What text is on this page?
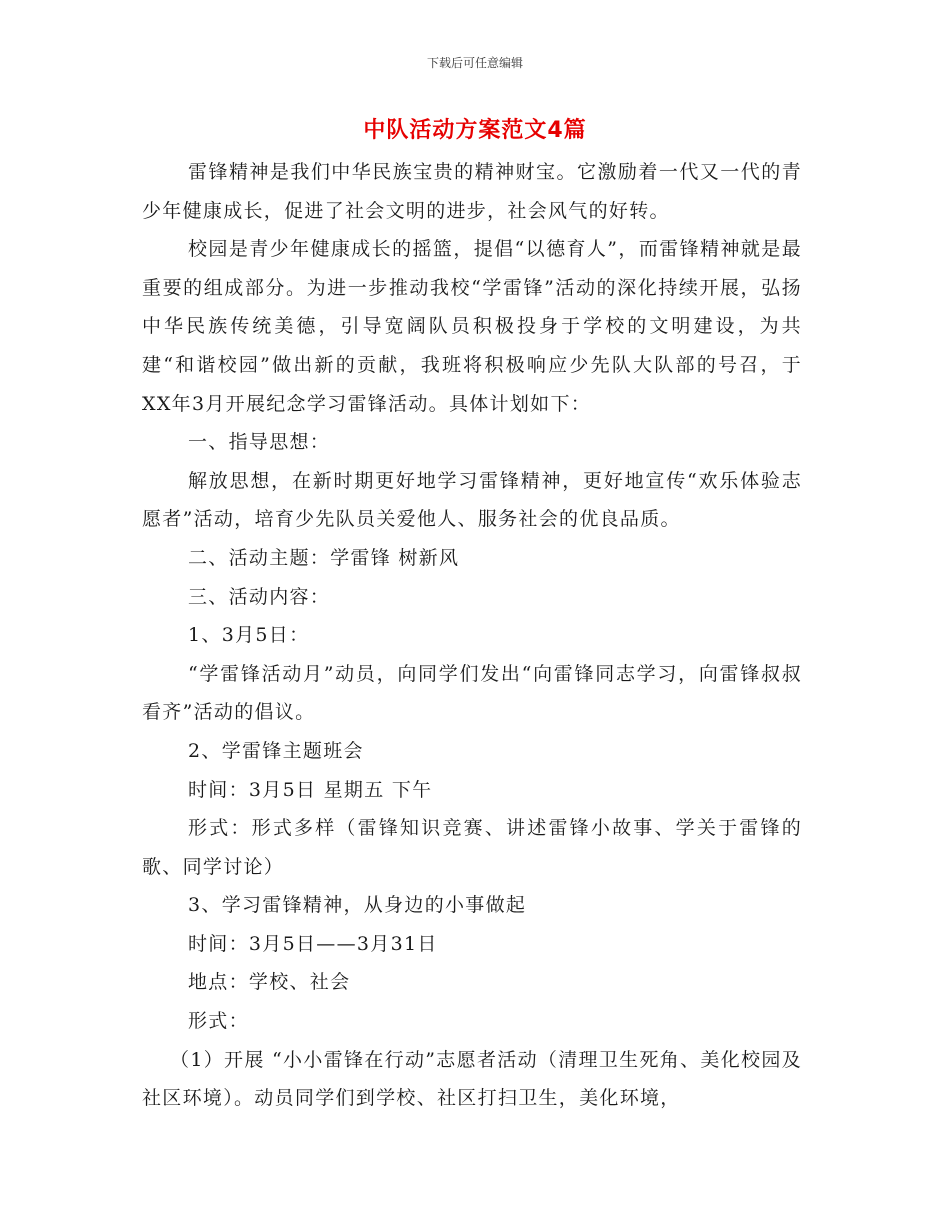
下载后可任意编辑
中队活动方案范文4篇

雷锋精神是我们中华民族宝贵的精神财宝。它激励着一代又一代的青少年健康成长，促进了社会文明的进步，社会风气的好转。

校园是青少年健康成长的摇篮，提倡“以德育人”，而雷锋精神就是最重要的组成部分。为进一步推动我校“学雷锋”活动的深化持续开展，弘扬中华民族传统美德，引导宽阔队员积极投身于学校的文明建设，为共建“和谐校园”做出新的贡献，我班将积极响应少先队大队部的号召，于XX年3月开展纪念学习雷锋活动。具体计划如下：

一、指导思想：

解放思想，在新时期更好地学习雷锋精神，更好地宣传“欢乐体验志愿者”活动，培育少先队员关爱他人、服务社会的优良品质。

二、活动主题：学雷锋 树新风

三、活动内容：

1、3月5日：

“学雷锋活动月”动员，向同学们发出“向雷锋同志学习，向雷锋叔叔看齐”活动的倡议。

2、学雷锋主题班会

时间：3月5日 星期五 下午

形式：形式多样（雷锋知识竞赛、讲述雷锋小故事、学关于雷锋的歌、同学讨论）

3、学习雷锋精神，从身边的小事做起

时间：3月5日——3月31日

地点：学校、社会

形式：

（1）开展 “小小雷锋在行动”志愿者活动（清理卫生死角、美化校园及社区环境）。动员同学们到学校、社区打扫卫生，美化环境，
